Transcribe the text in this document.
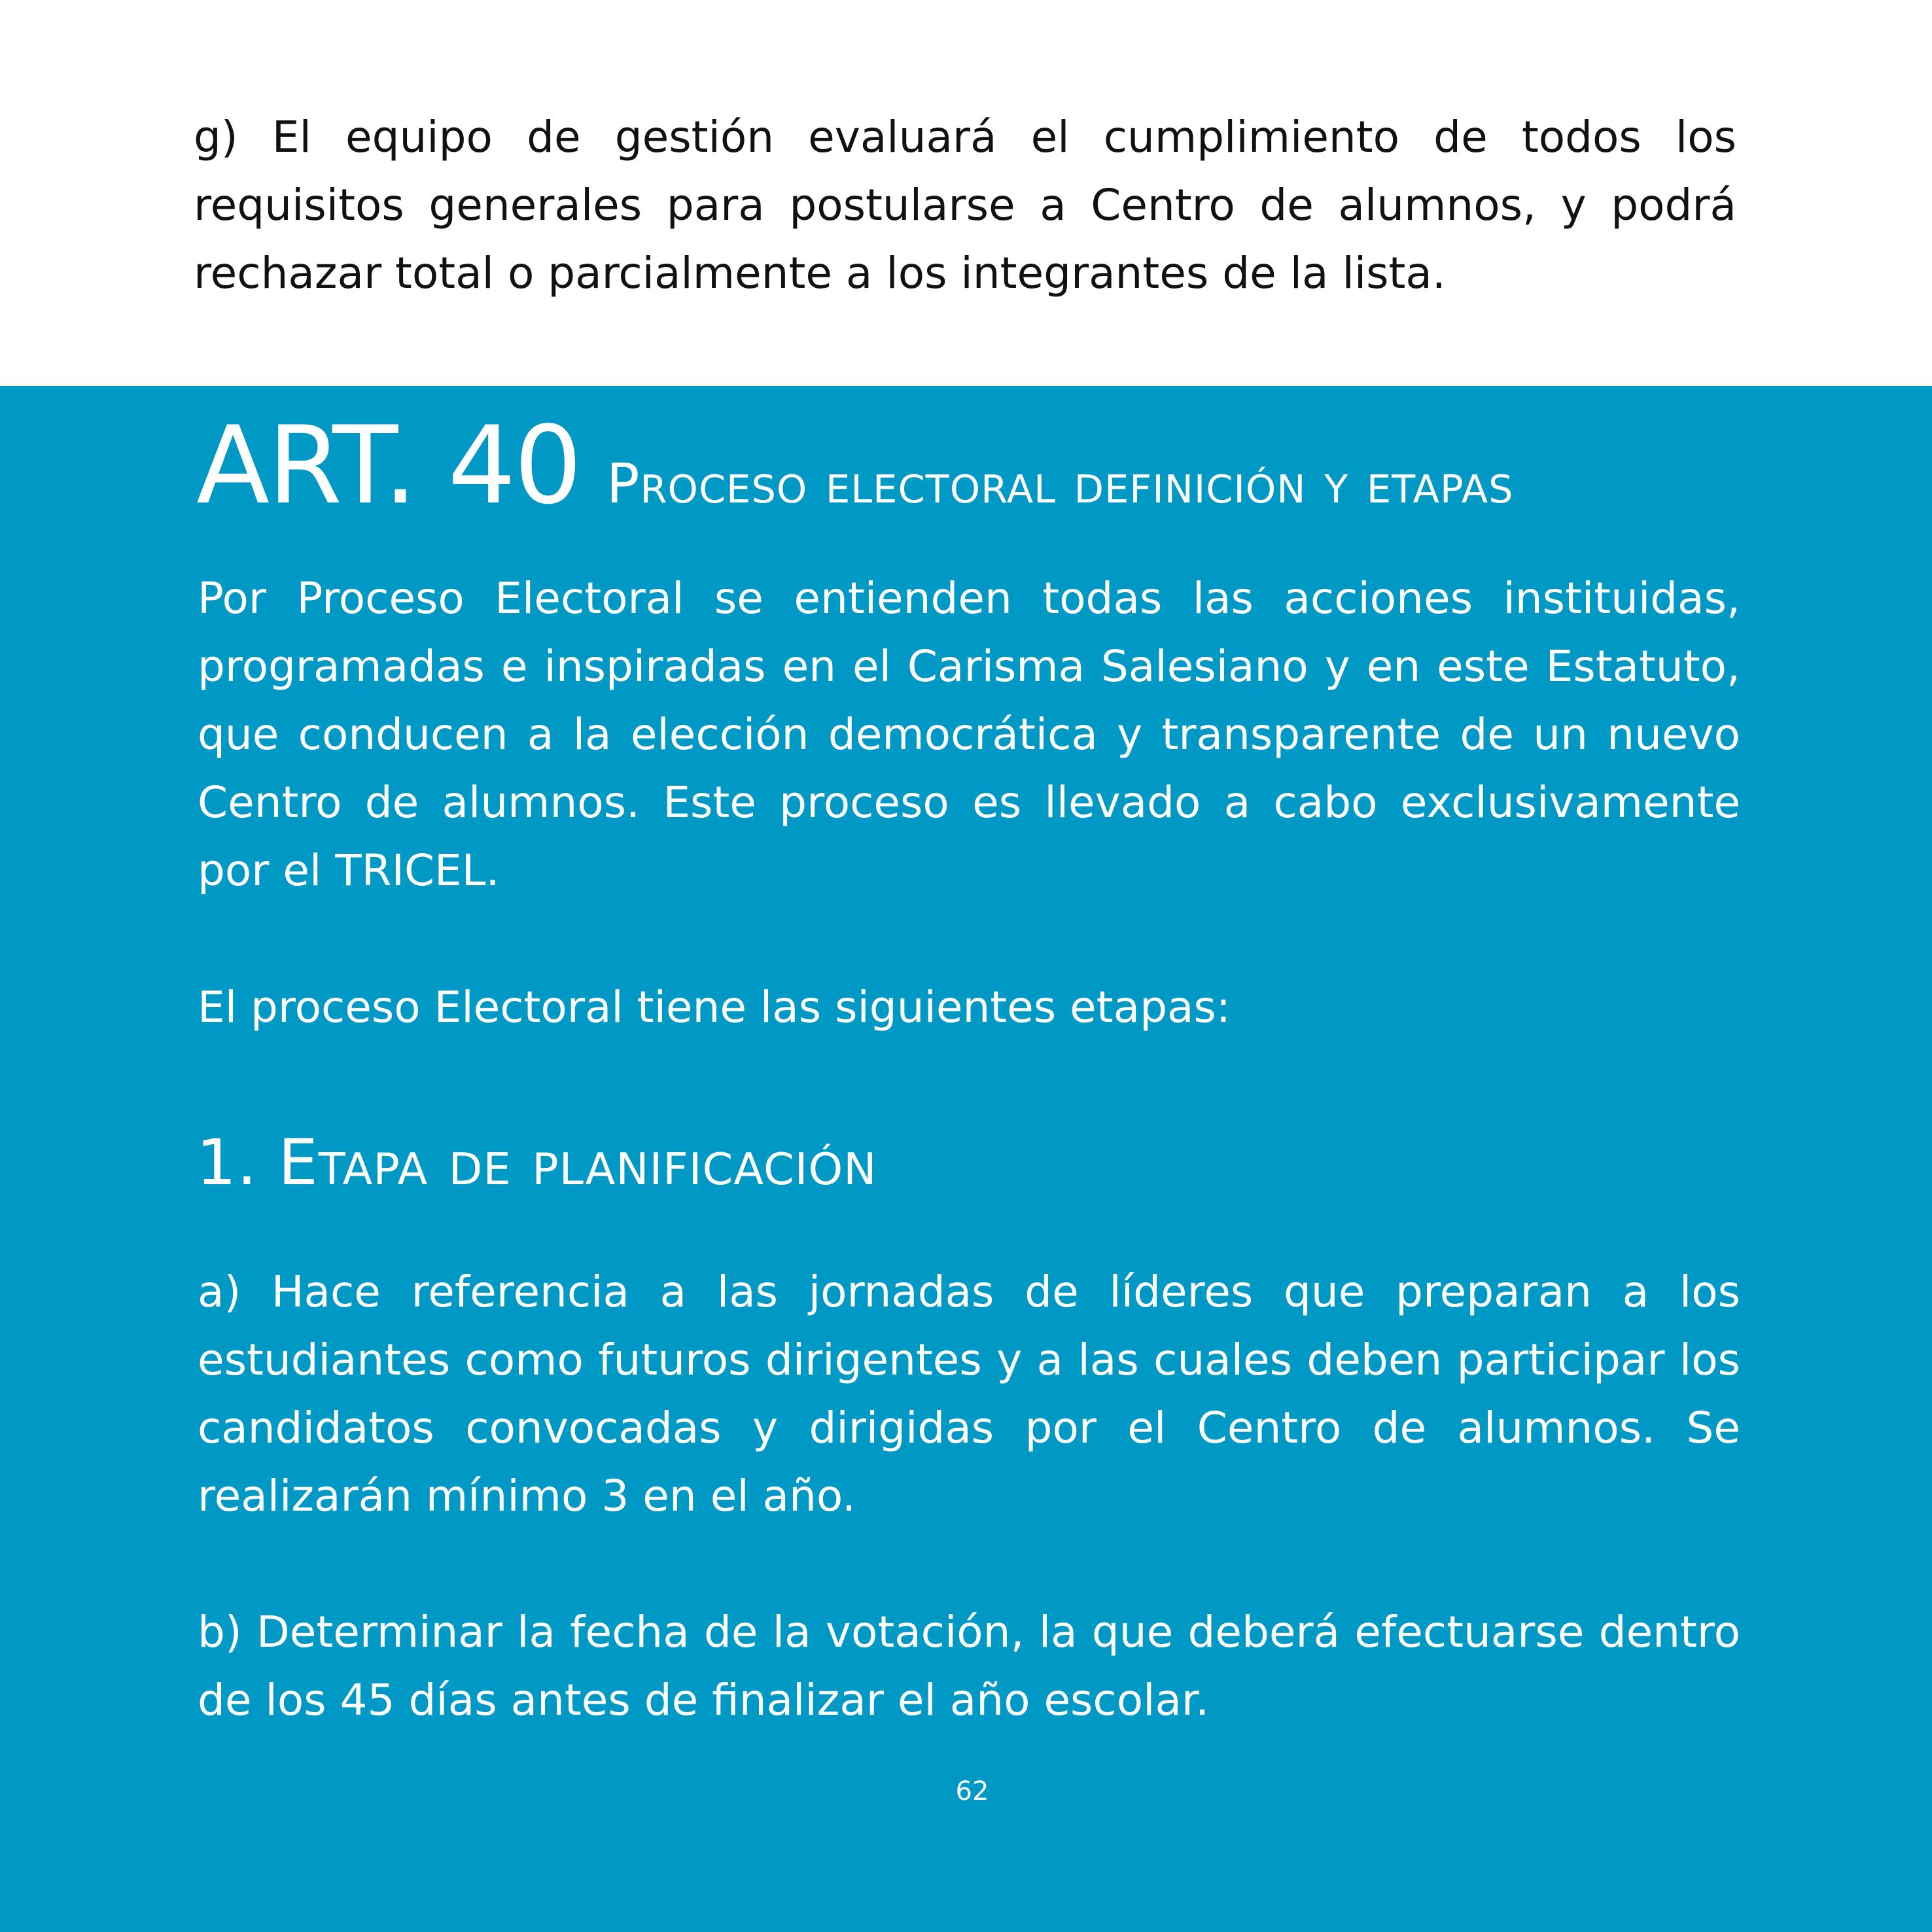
g) El equipo de gestión evaluará el cumplimiento de todos los requisitos generales para postularse a Centro de alumnos, y podrá rechazar total o parcialmente a los integrantes de la lista.

ART. 40 Proceso electoral definición y etapas

Por Proceso Electoral se entienden todas las acciones instituidas, programadas e inspiradas en el Carisma Salesiano y en este Estatuto, que conducen a la elección democrática y transparente de un nuevo Centro de alumnos. Este proceso es llevado a cabo exclusivamente por el TRICEL.

El proceso Electoral tiene las siguientes etapas:

1. Etapa de planificación

a) Hace referencia a las jornadas de líderes que preparan a los estudiantes como futuros dirigentes y a las cuales deben participar los candidatos convocadas y dirigidas por el Centro de alumnos. Se realizarán mínimo 3 en el año.

b) Determinar la fecha de la votación, la que deberá efectuarse dentro de los 45 días antes de finalizar el año escolar.

62
